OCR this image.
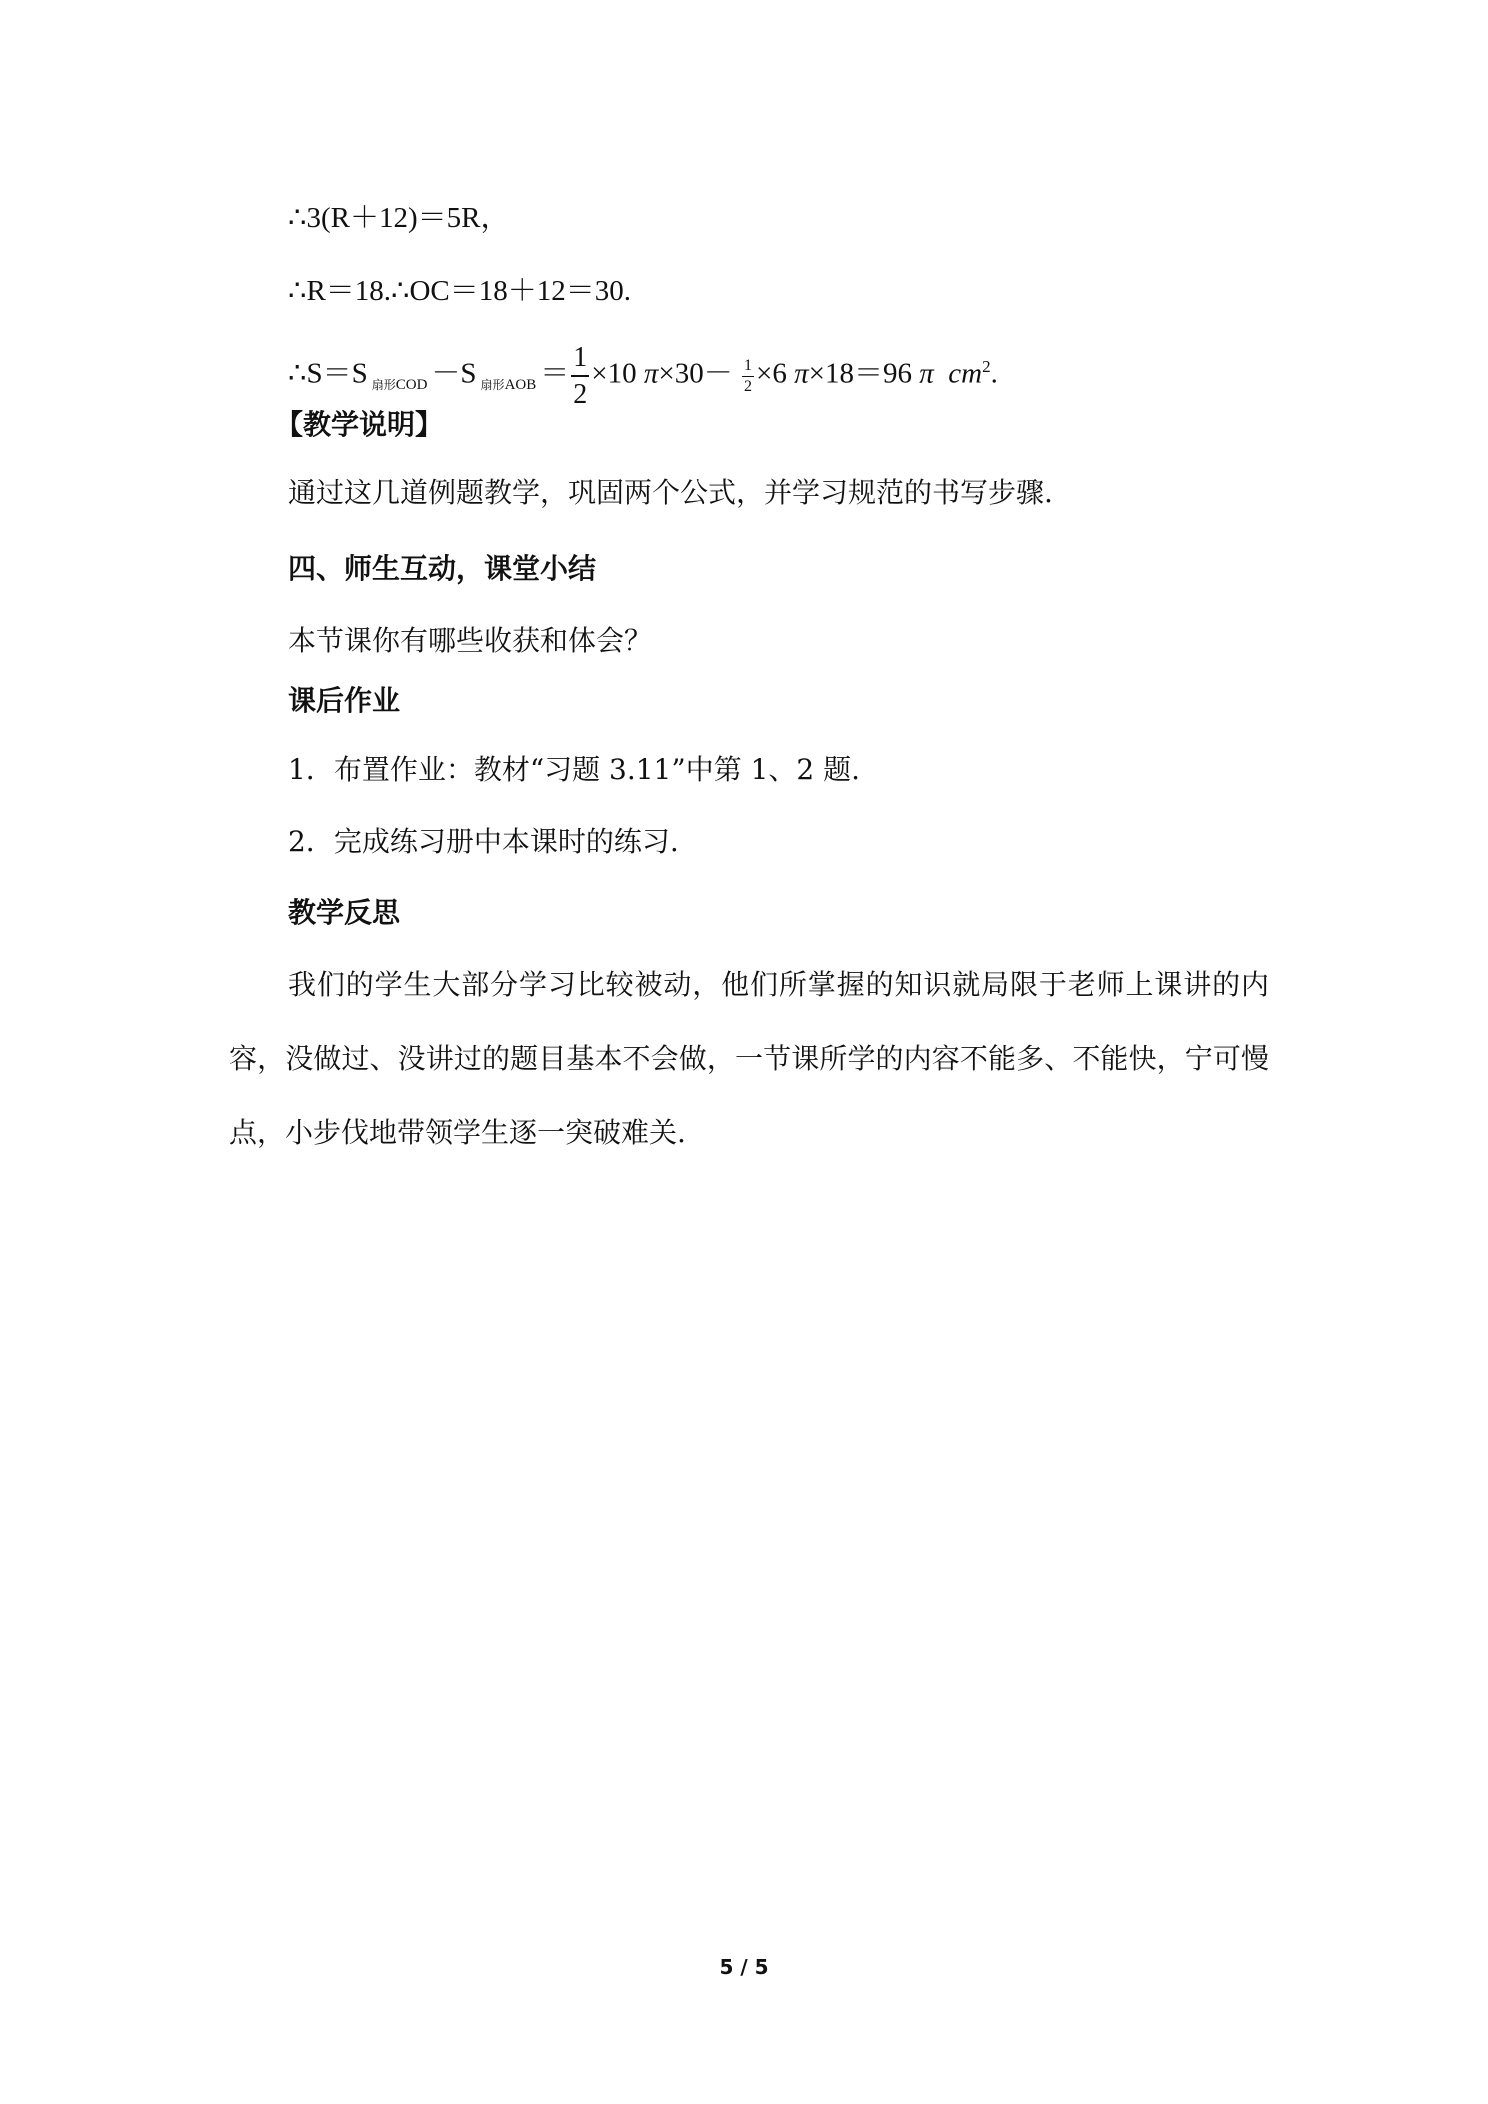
∴3(R＋12)＝5R，
∴R＝18.∴OC＝18＋12＝30.
∴S＝S $_{扇形COD}$ －S $_{扇形AOB} = \frac{1}{2} \times 10$ $\pi\times 30- \frac{1}{2} \times 6$ π×18＝96 π $cm^2$.
【教学说明】
通过这几道例题教学，巩固两个公式，并学习规范的书写步骤.
四、师生互动，课堂小结
本节课你有哪些收获和体会？
课后作业
1．布置作业：教材“习题 3.11”中第 1、2 题.
2．完成练习册中本课时的练习.
教学反思
我们的学生大部分学习比较被动，他们所掌握的知识就局限于老师上课讲的内容，没做过、没讲过的题目基本不会做，一节课所学的内容不能多、不能快，宁可慢点，小步伐地带领学生逐一突破难关.
5 / 5
